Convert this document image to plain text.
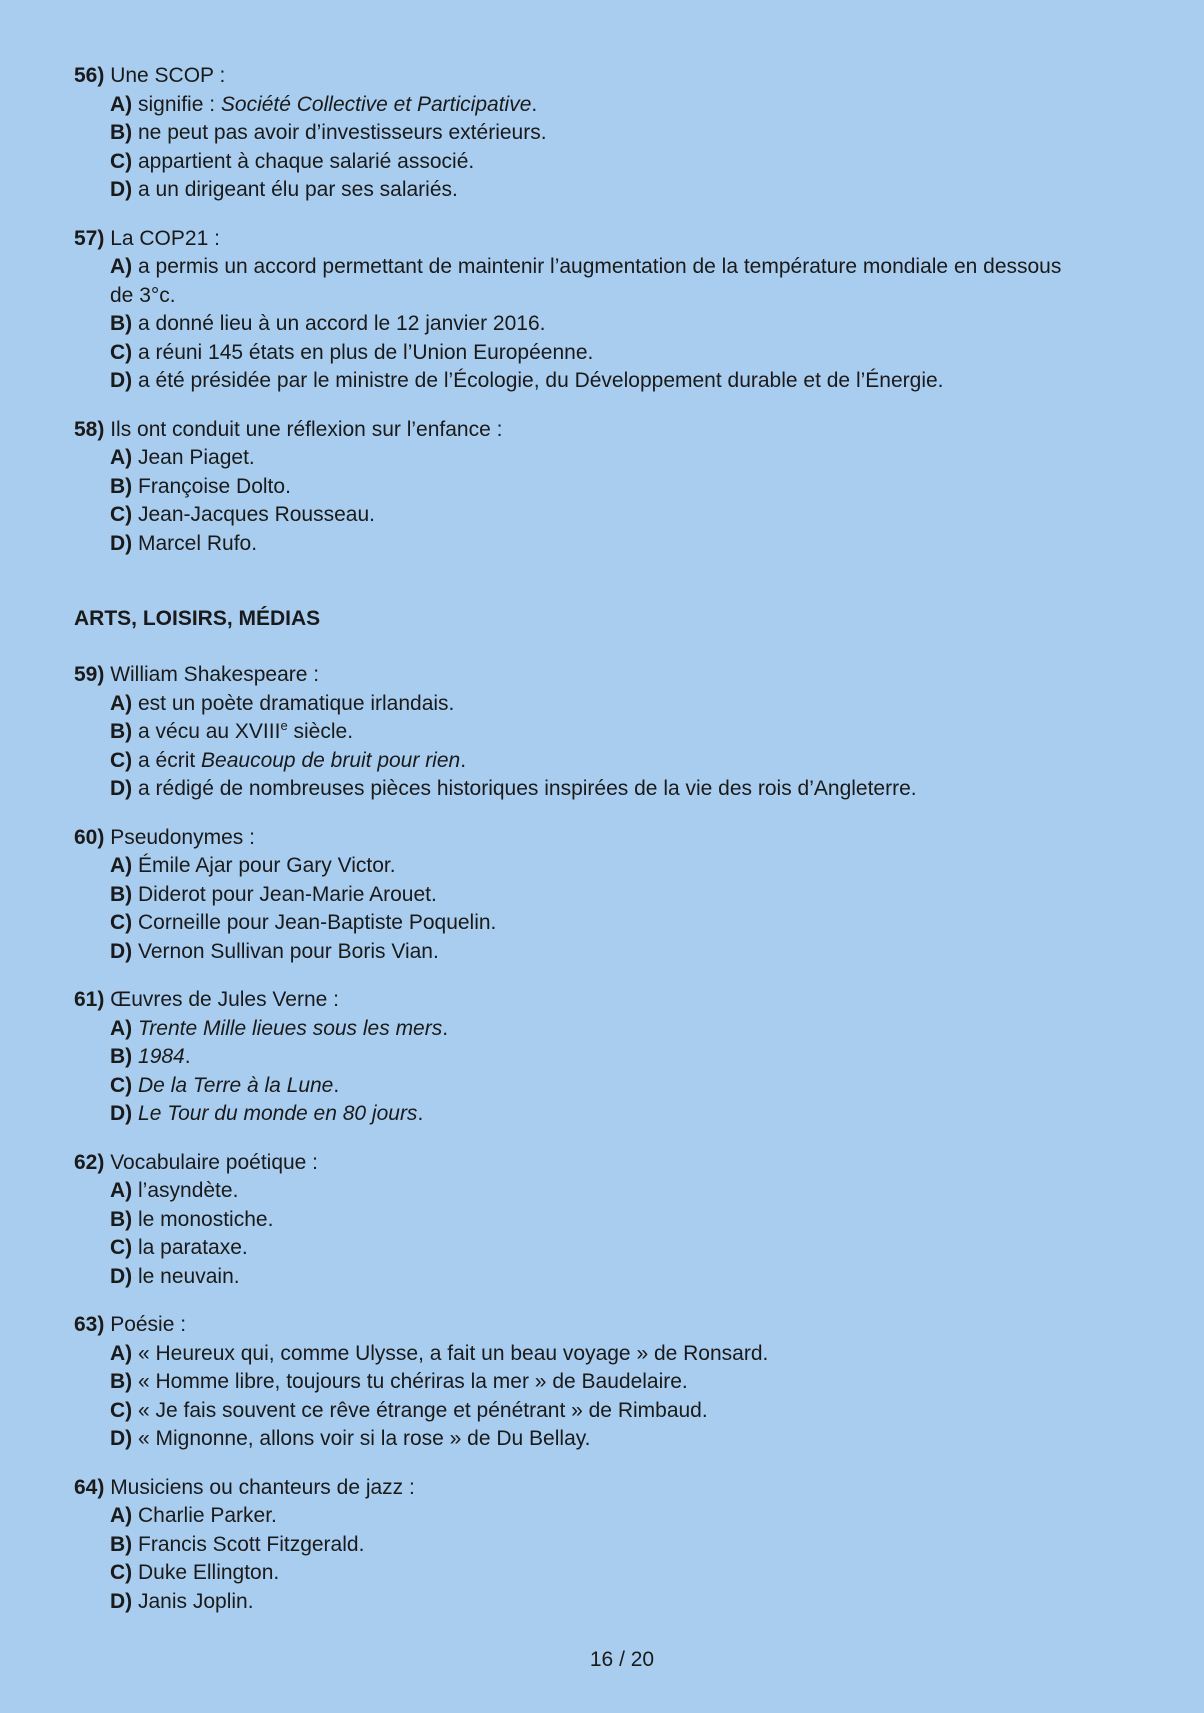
56) Une SCOP :
A) signifie : Société Collective et Participative.
B) ne peut pas avoir d’investisseurs extérieurs.
C) appartient à chaque salarié associé.
D) a un dirigeant élu par ses salariés.
57) La COP21 :
A) a permis un accord permettant de maintenir l’augmentation de la température mondiale en dessous de 3°c.
B) a donné lieu à un accord le 12 janvier 2016.
C) a réuni 145 états en plus de l’Union Européenne.
D) a été présidée par le ministre de l’Écologie, du Développement durable et de l’Énergie.
58) Ils ont conduit une réflexion sur l’enfance :
A) Jean Piaget.
B) Françoise Dolto.
C) Jean-Jacques Rousseau.
D) Marcel Rufo.
ARTS, LOISIRS, MÉDIAS
59) William Shakespeare :
A) est un poète dramatique irlandais.
B) a vécu au XVIIIe siècle.
C) a écrit Beaucoup de bruit pour rien.
D) a rédigé de nombreuses pièces historiques inspirées de la vie des rois d’Angleterre.
60) Pseudonymes :
A) Émile Ajar pour Gary Victor.
B) Diderot pour Jean-Marie Arouet.
C) Corneille pour Jean-Baptiste Poquelin.
D) Vernon Sullivan pour Boris Vian.
61) Œuvres de Jules Verne :
A) Trente Mille lieues sous les mers.
B) 1984.
C) De la Terre à la Lune.
D) Le Tour du monde en 80 jours.
62) Vocabulaire poétique :
A) l’asyndète.
B) le monostiche.
C) la parataxe.
D) le neuvain.
63) Poésie :
A) « Heureux qui, comme Ulysse, a fait un beau voyage » de Ronsard.
B) « Homme libre, toujours tu chériras la mer » de Baudelaire.
C) « Je fais souvent ce rêve étrange et pénétrant » de Rimbaud.
D) « Mignonne, allons voir si la rose » de Du Bellay.
64) Musiciens ou chanteurs de jazz :
A) Charlie Parker.
B) Francis Scott Fitzgerald.
C) Duke Ellington.
D) Janis Joplin.
16 / 20
